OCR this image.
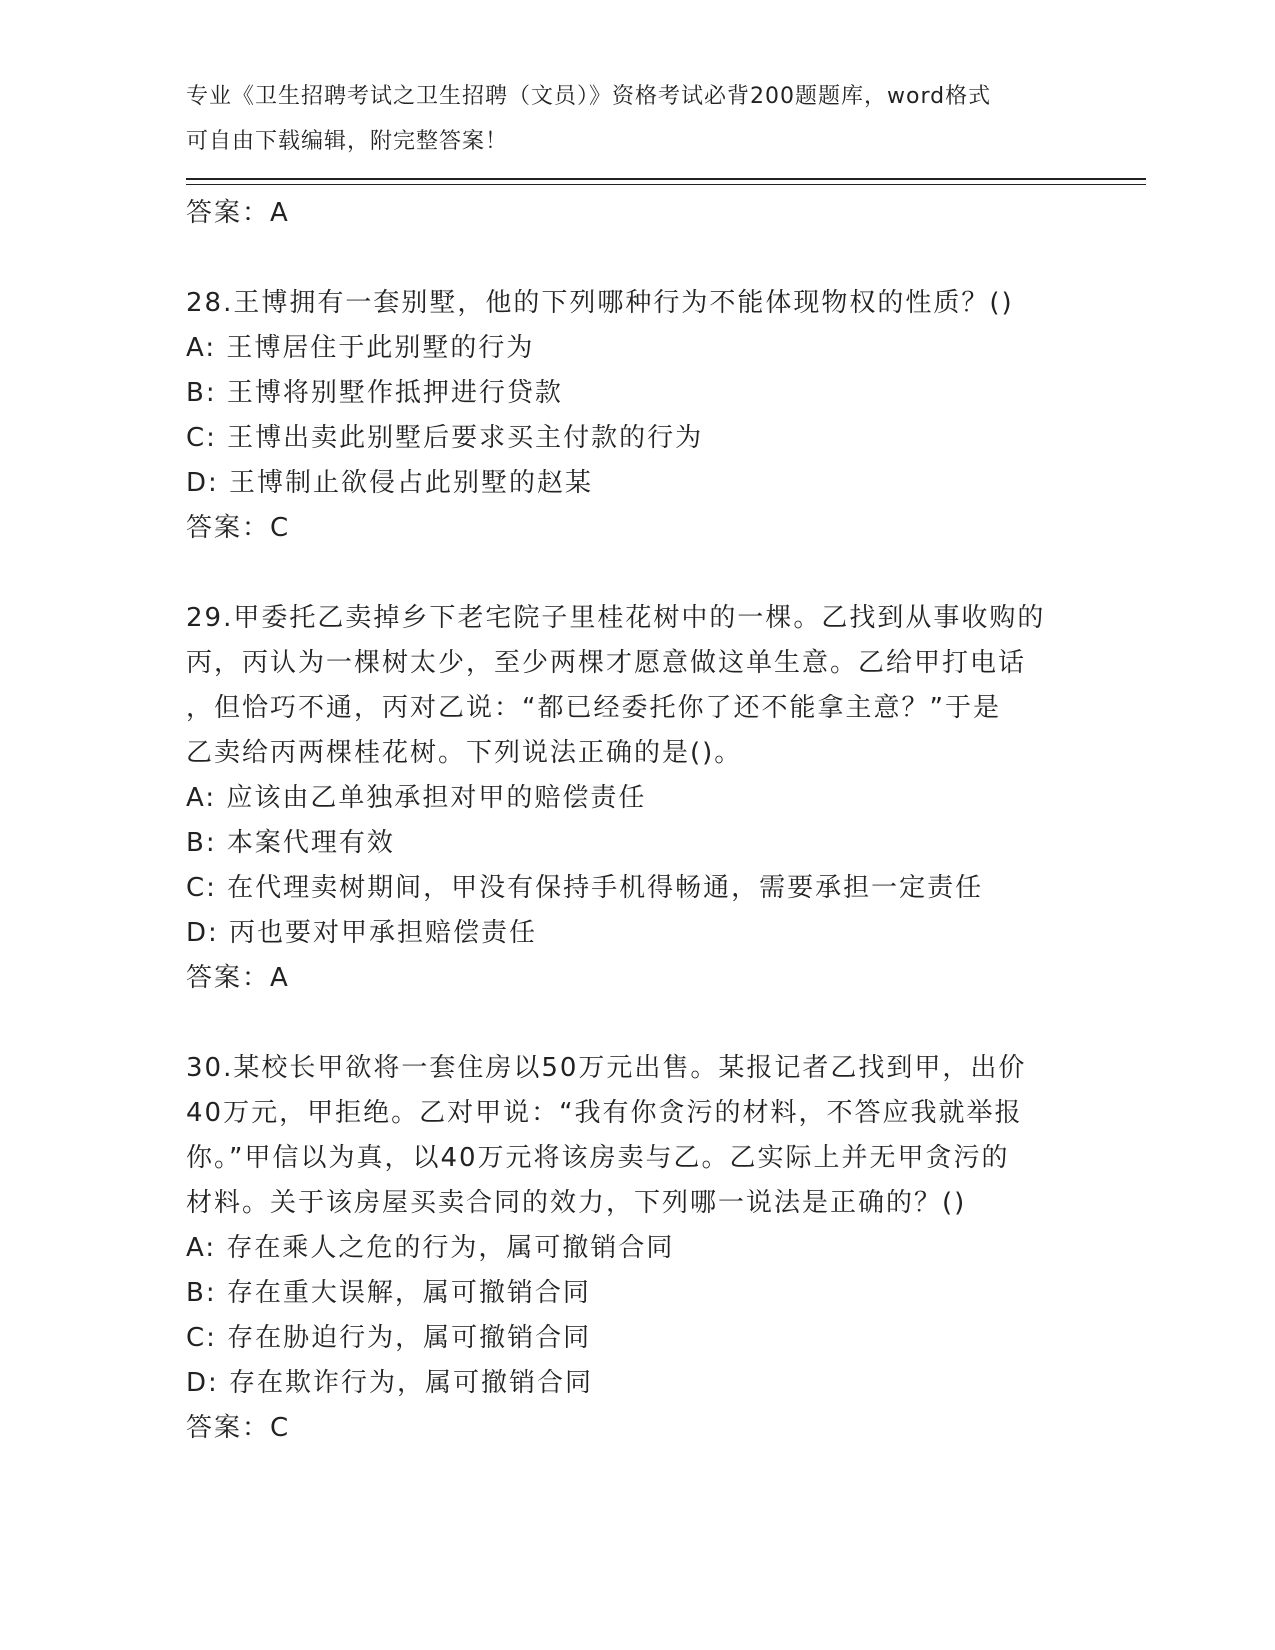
专业《卫生招聘考试之卫生招聘（文员）》资格考试必背200题题库，word格式
可自由下载编辑，附完整答案！
答案：A
28.王博拥有一套别墅，他的下列哪种行为不能体现物权的性质？()
A: 王博居住于此别墅的行为
B: 王博将别墅作抵押进行贷款
C: 王博出卖此别墅后要求买主付款的行为
D: 王博制止欲侵占此别墅的赵某
答案：C
29.甲委托乙卖掉乡下老宅院子里桂花树中的一棵。乙找到从事收购的
丙，丙认为一棵树太少，至少两棵才愿意做这单生意。乙给甲打电话
，但恰巧不通，丙对乙说：“都已经委托你了还不能拿主意？”于是
乙卖给丙两棵桂花树。下列说法正确的是()。
A: 应该由乙单独承担对甲的赔偿责任
B: 本案代理有效
C: 在代理卖树期间，甲没有保持手机得畅通，需要承担一定责任
D: 丙也要对甲承担赔偿责任
答案：A
30.某校长甲欲将一套住房以50万元出售。某报记者乙找到甲，出价
40万元，甲拒绝。乙对甲说：“我有你贪污的材料，不答应我就举报
你。”甲信以为真，以40万元将该房卖与乙。乙实际上并无甲贪污的
材料。关于该房屋买卖合同的效力，下列哪一说法是正确的？()
A: 存在乘人之危的行为，属可撤销合同
B: 存在重大误解，属可撤销合同
C: 存在胁迫行为，属可撤销合同
D: 存在欺诈行为，属可撤销合同
答案：C
